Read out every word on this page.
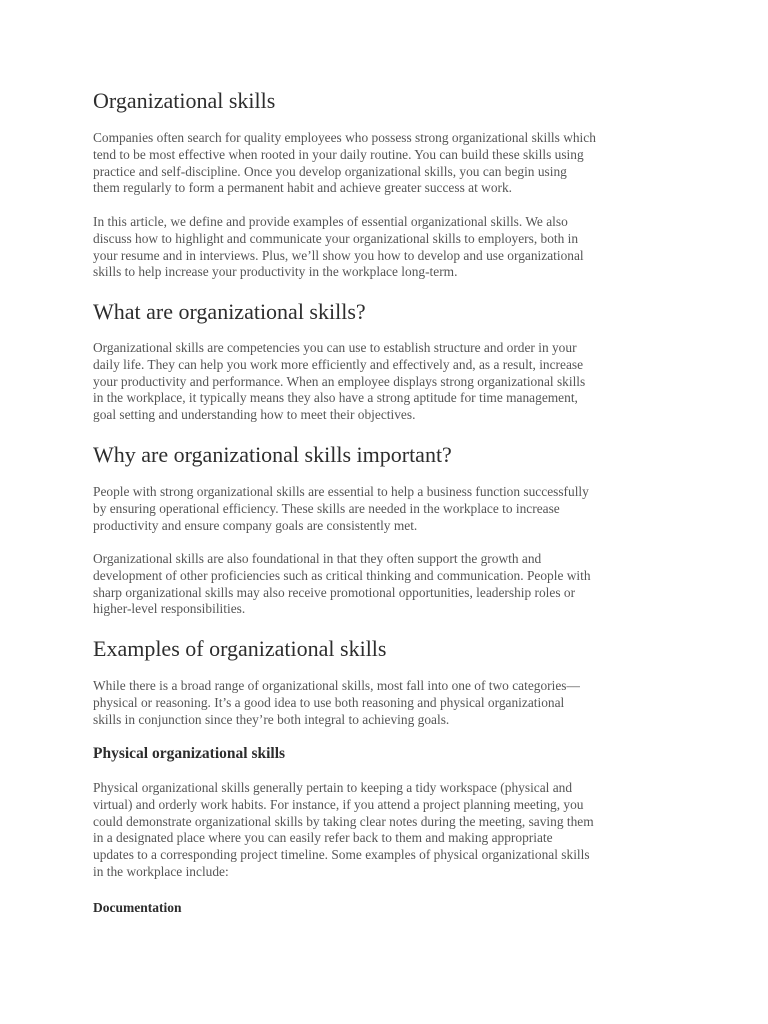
Organizational skills

Companies often search for quality employees who possess strong organizational skills which
tend to be most effective when rooted in your daily routine. You can build these skills using
practice and self-discipline. Once you develop organizational skills, you can begin using
them regularly to form a permanent habit and achieve greater success at work.

In this article, we define and provide examples of essential organizational skills. We also
discuss how to highlight and communicate your organizational skills to employers, both in
your resume and in interviews. Plus, we’ll show you how to develop and use organizational
skills to help increase your productivity in the workplace long-term.

What are organizational skills?

Organizational skills are competencies you can use to establish structure and order in your
daily life. They can help you work more efficiently and effectively and, as a result, increase
your productivity and performance. When an employee displays strong organizational skills
in the workplace, it typically means they also have a strong aptitude for time management,
goal setting and understanding how to meet their objectives.

Why are organizational skills important?

People with strong organizational skills are essential to help a business function successfully
by ensuring operational efficiency. These skills are needed in the workplace to increase
productivity and ensure company goals are consistently met.

Organizational skills are also foundational in that they often support the growth and
development of other proficiencies such as critical thinking and communication. People with
sharp organizational skills may also receive promotional opportunities, leadership roles or
higher-level responsibilities.

Examples of organizational skills

While there is a broad range of organizational skills, most fall into one of two categories—
physical or reasoning. It’s a good idea to use both reasoning and physical organizational
skills in conjunction since they’re both integral to achieving goals.

Physical organizational skills

Physical organizational skills generally pertain to keeping a tidy workspace (physical and
virtual) and orderly work habits. For instance, if you attend a project planning meeting, you
could demonstrate organizational skills by taking clear notes during the meeting, saving them
in a designated place where you can easily refer back to them and making appropriate
updates to a corresponding project timeline. Some examples of physical organizational skills
in the workplace include:

Documentation
